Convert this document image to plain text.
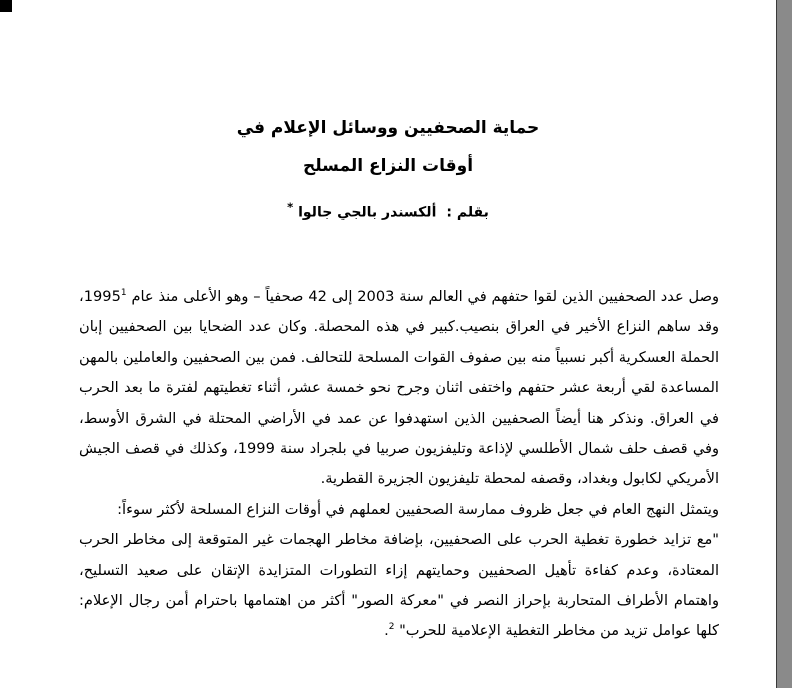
حماية الصحفيين ووسائل الإعلام في
أوقات النزاع المسلح
بقلم :ألكسندر بالجي جالوا *

وصل عدد الصحفيين الذين لقوا حتفهم في العالم سنة 2003 إلى 42 صحفياً – وهو الأعلى منذ عام 1995$^1$، وقد ساهم النزاع الأخير في العراق بنصيب.كبير في هذه المحصلة. وكان عدد الضحايا بين الصحفيين إبان الحملة العسكرية أكبر نسبياً منه بين صفوف القوات المسلحة للتحالف. فمن بين الصحفيين والعاملين بالمهن المساعدة لقي أربعة عشر حتفهم واختفى اثنان وجرح نحو خمسة عشر، أثناء تغطيتهم لفترة ما بعد الحرب في العراق. ونذكر هنا أيضاً الصحفيين الذين استهدفوا عن عمد في الأراضي المحتلة في الشرق الأوسط، وفي قصف حلف شمال الأطلسي لإذاعة وتليفزيون صربيا في بلجراد سنة 1999، وكذلك في قصف الجيش الأمريكي لكابول وبغداد، وقصفه لمحطة تليفزيون الجزيرة القطرية.

ويتمثل النهج العام في جعل ظروف ممارسة الصحفيين لعملهم في أوقات النزاع المسلحة لأكثر سوءاً:

"مع تزايد خطورة تغطية الحرب على الصحفيين، بإضافة مخاطر الهجمات غير المتوقعة إلى مخاطر الحرب المعتادة، وعدم كفاءة تأهيل الصحفيين وحمايتهم إزاء التطورات المتزايدة الإتقان على صعيد التسليح، واهتمام الأطراف المتحاربة بإحراز النصر في "معركة الصور" أكثر من اهتمامها باحترام أمن رجال الإعلام: كلها عوامل تزيد من مخاطر التغطية الإعلامية للحرب" $^2$.
